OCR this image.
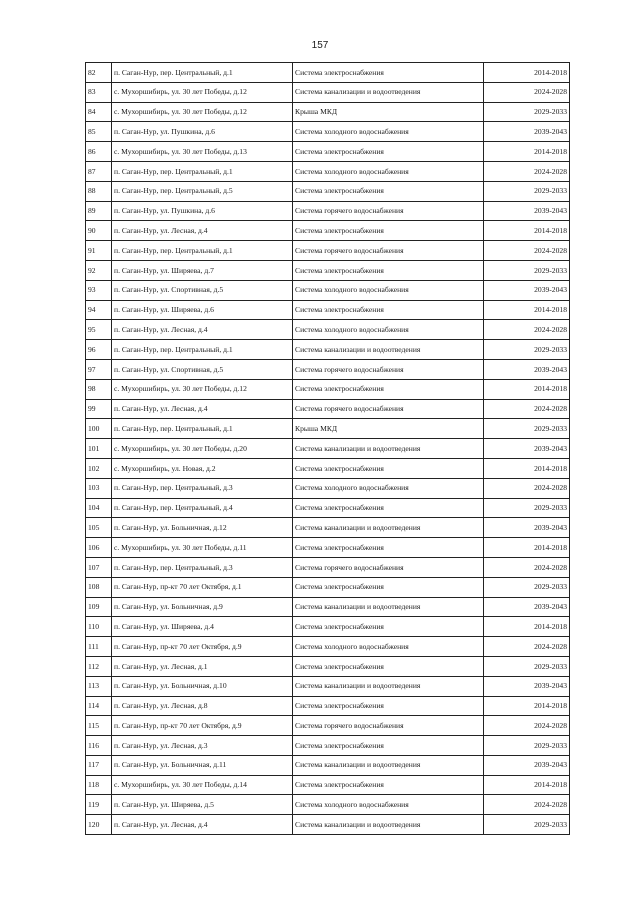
157
82	п. Саган-Нур, пер. Центральный, д.1	Система электроснабжения	2014-2018
83	с. Мухоршибирь, ул. 30 лет Победы, д.12	Система канализации и водоотведения	2024-2028
84	с. Мухоршибирь, ул. 30 лет Победы, д.12	Крыша МКД	2029-2033
85	п. Саган-Нур, ул. Пушкина, д.6	Система холодного водоснабжения	2039-2043
86	с. Мухоршибирь, ул. 30 лет Победы, д.13	Система электроснабжения	2014-2018
87	п. Саган-Нур, пер. Центральный, д.1	Система холодного водоснабжения	2024-2028
88	п. Саган-Нур, пер. Центральный, д.5	Система электроснабжения	2029-2033
89	п. Саган-Нур, ул. Пушкина, д.6	Система горячего водоснабжения	2039-2043
90	п. Саган-Нур, ул. Лесная, д.4	Система электроснабжения	2014-2018
91	п. Саган-Нур, пер. Центральный, д.1	Система горячего водоснабжения	2024-2028
92	п. Саган-Нур, ул. Ширяева, д.7	Система электроснабжения	2029-2033
93	п. Саган-Нур, ул. Спортивная, д.5	Система холодного водоснабжения	2039-2043
94	п. Саган-Нур, ул. Ширяева, д.6	Система электроснабжения	2014-2018
95	п. Саган-Нур, ул. Лесная, д.4	Система холодного водоснабжения	2024-2028
96	п. Саган-Нур, пер. Центральный, д.1	Система канализации и водоотведения	2029-2033
97	п. Саган-Нур, ул. Спортивная, д.5	Система горячего водоснабжения	2039-2043
98	с. Мухоршибирь, ул. 30 лет Победы, д.12	Система электроснабжения	2014-2018
99	п. Саган-Нур, ул. Лесная, д.4	Система горячего водоснабжения	2024-2028
100	п. Саган-Нур, пер. Центральный, д.1	Крыша МКД	2029-2033
101	с. Мухоршибирь, ул. 30 лет Победы, д.20	Система канализации и водоотведения	2039-2043
102	с. Мухоршибирь, ул. Новая, д.2	Система электроснабжения	2014-2018
103	п. Саган-Нур, пер. Центральный, д.3	Система холодного водоснабжения	2024-2028
104	п. Саган-Нур, пер. Центральный, д.4	Система электроснабжения	2029-2033
105	п. Саган-Нур, ул. Больничная, д.12	Система канализации и водоотведения	2039-2043
106	с. Мухоршибирь, ул. 30 лет Победы, д.11	Система электроснабжения	2014-2018
107	п. Саган-Нур, пер. Центральный, д.3	Система горячего водоснабжения	2024-2028
108	п. Саган-Нур, пр-кт 70 лет Октября, д.1	Система электроснабжения	2029-2033
109	п. Саган-Нур, ул. Больничная, д.9	Система канализации и водоотведения	2039-2043
110	п. Саган-Нур, ул. Ширяева, д.4	Система электроснабжения	2014-2018
111	п. Саган-Нур, пр-кт 70 лет Октября, д.9	Система холодного водоснабжения	2024-2028
112	п. Саган-Нур, ул. Лесная, д.1	Система электроснабжения	2029-2033
113	п. Саган-Нур, ул. Больничная, д.10	Система канализации и водоотведения	2039-2043
114	п. Саган-Нур, ул. Лесная, д.8	Система электроснабжения	2014-2018
115	п. Саган-Нур, пр-кт 70 лет Октября, д.9	Система горячего водоснабжения	2024-2028
116	п. Саган-Нур, ул. Лесная, д.3	Система электроснабжения	2029-2033
117	п. Саган-Нур, ул. Больничная, д.11	Система канализации и водоотведения	2039-2043
118	с. Мухоршибирь, ул. 30 лет Победы, д.14	Система электроснабжения	2014-2018
119	п. Саган-Нур, ул. Ширяева, д.5	Система холодного водоснабжения	2024-2028
120	п. Саган-Нур, ул. Лесная, д.4	Система канализации и водоотведения	2029-2033
